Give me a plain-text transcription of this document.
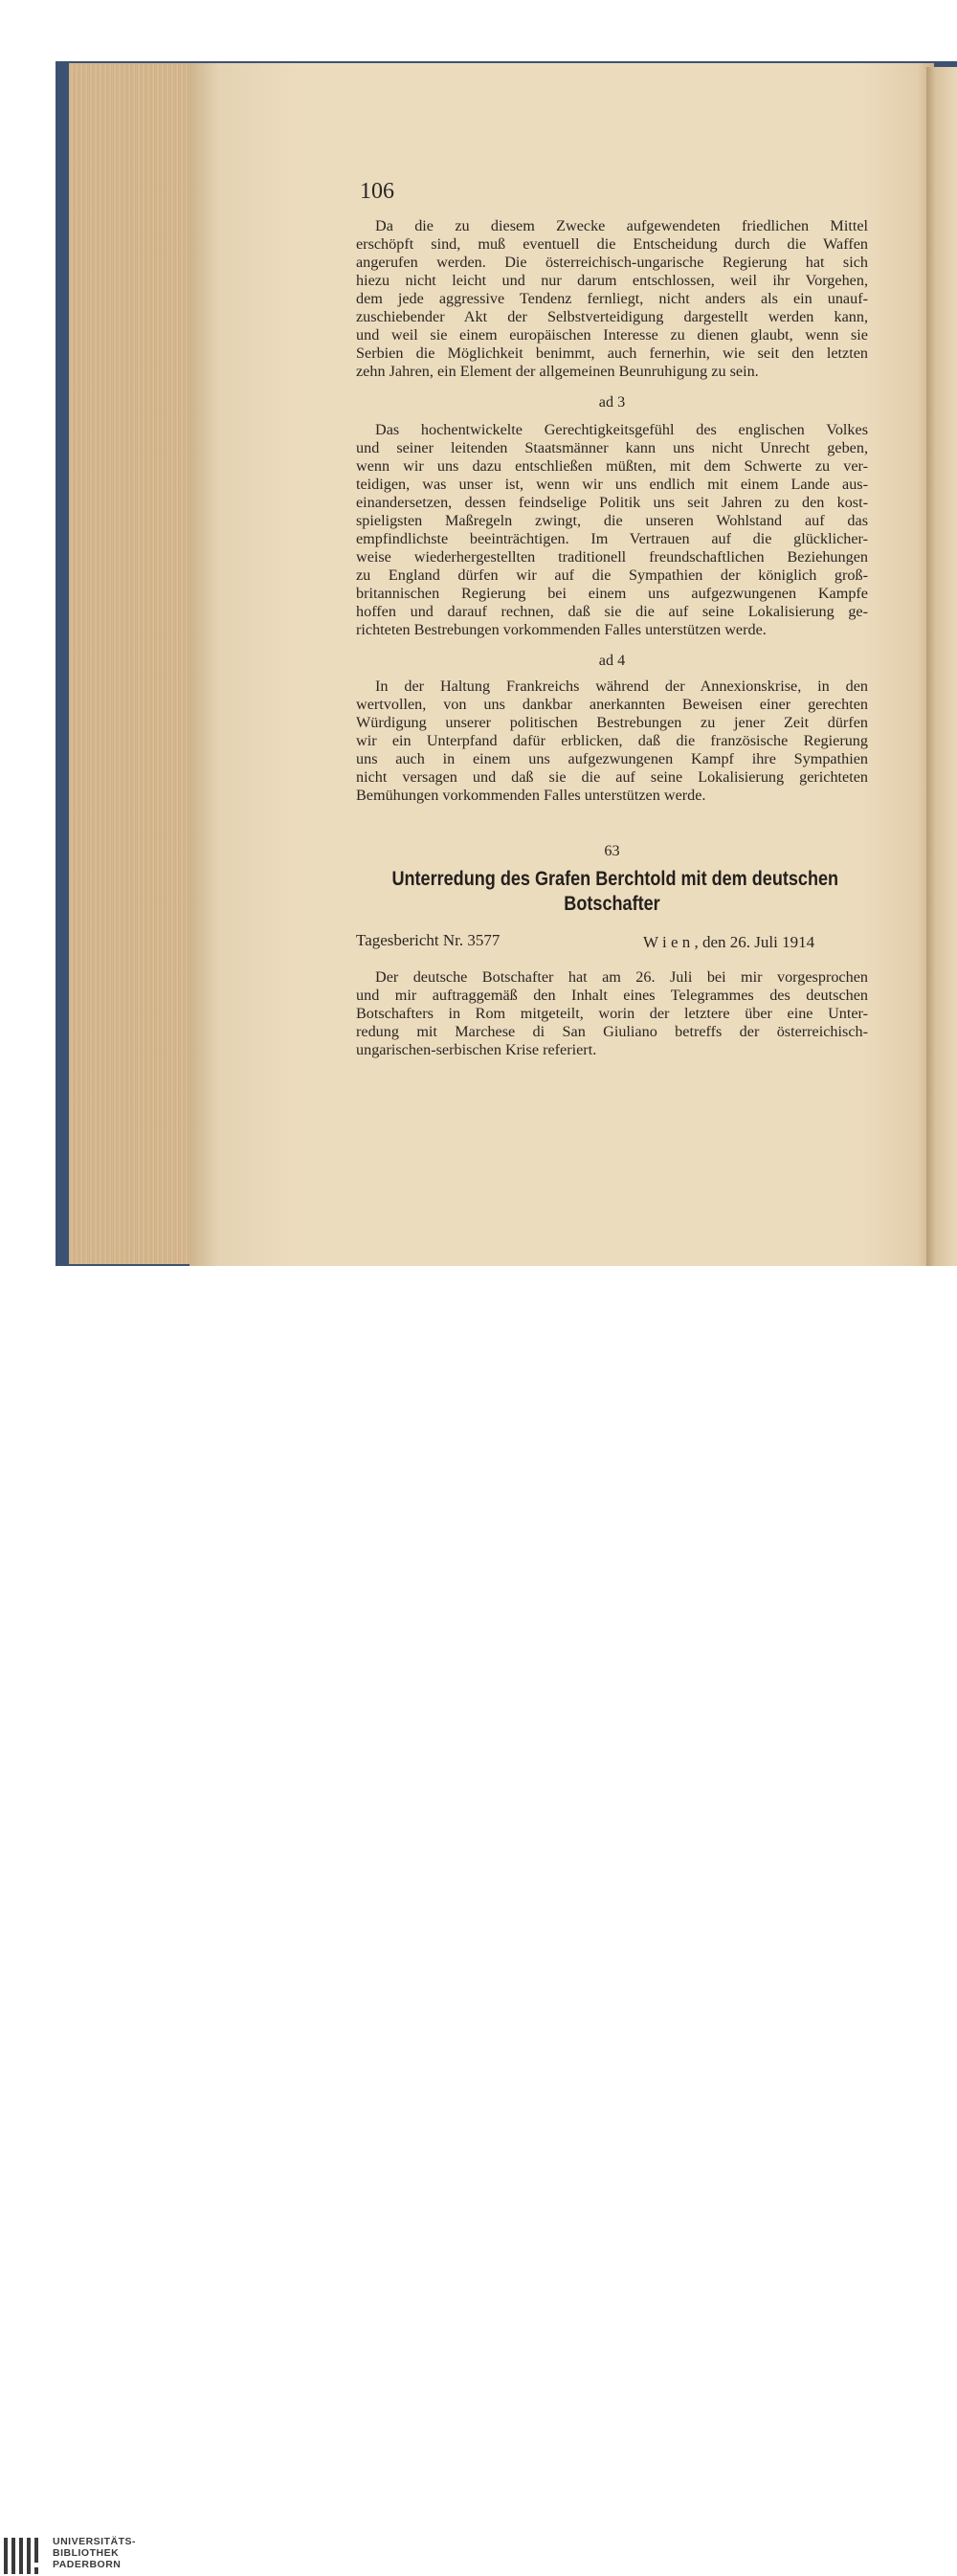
106
Da die zu diesem Zwecke aufgewendeten friedlichen Mittel
erschöpft sind, muß eventuell die Entscheidung durch die Waffen
angerufen werden. Die österreichisch-ungarische Regierung hat sich
hiezu nicht leicht und nur darum entschlossen, weil ihr Vorgehen,
dem jede aggressive Tendenz fernliegt, nicht anders als ein unauf-
zuschiebender Akt der Selbstverteidigung dargestellt werden kann,
und weil sie einem europäischen Interesse zu dienen glaubt, wenn sie
Serbien die Möglichkeit benimmt, auch fernerhin, wie seit den letzten
zehn Jahren, ein Element der allgemeinen Beunruhigung zu sein.
ad 3
Das hochentwickelte Gerechtigkeitsgefühl des englischen Volkes
und seiner leitenden Staatsmänner kann uns nicht Unrecht geben,
wenn wir uns dazu entschließen müßten, mit dem Schwerte zu ver-
teidigen, was unser ist, wenn wir uns endlich mit einem Lande aus-
einandersetzen, dessen feindselige Politik uns seit Jahren zu den kost-
spieligsten Maßregeln zwingt, die unseren Wohlstand auf das
empfindlichste beeinträchtigen. Im Vertrauen auf die glücklicher-
weise wiederhergestellten traditionell freundschaftlichen Beziehungen
zu England dürfen wir auf die Sympathien der königlich groß-
britannischen Regierung bei einem uns aufgezwungenen Kampfe
hoffen und darauf rechnen, daß sie die auf seine Lokalisierung ge-
richteten Bestrebungen vorkommenden Falles unterstützen werde.
ad 4
In der Haltung Frankreichs während der Annexionskrise, in den
wertvollen, von uns dankbar anerkannten Beweisen einer gerechten
Würdigung unserer politischen Bestrebungen zu jener Zeit dürfen
wir ein Unterpfand dafür erblicken, daß die französische Regierung
uns auch in einem uns aufgezwungenen Kampf ihre Sympathien
nicht versagen und daß sie die auf seine Lokalisierung gerichteten
Bemühungen vorkommenden Falles unterstützen werde.
63
Unterredung des Grafen Berchtold mit dem deutschen
Botschafter
Tagesbericht Nr. 3577	W i e n , den 26. Juli 1914
Der deutsche Botschafter hat am 26. Juli bei mir vorgesprochen
und mir auftraggemäß den Inhalt eines Telegrammes des deutschen
Botschafters in Rom mitgeteilt, worin der letztere über eine Unter-
redung mit Marchese di San Giuliano betreffs der österreichisch-
ungarischen-serbischen Krise referiert.
UNIVERSITÄTS-
BIBLIOTHEK
PADERBORN
